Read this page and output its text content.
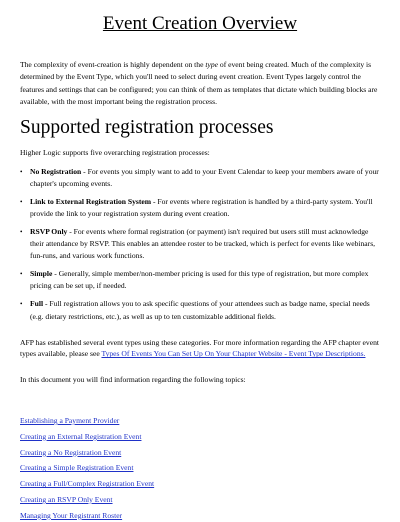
Event Creation Overview

The complexity of event-creation is highly dependent on the type of event being created. Much of the complexity is determined by the Event Type, which you'll need to select during event creation. Event Types largely control the features and settings that can be configured; you can think of them as templates that dictate which building blocks are available, with the most important being the registration process.

Supported registration processes

Higher Logic supports five overarching registration processes:

• No Registration - For events you simply want to add to your Event Calendar to keep your members aware of your chapter's upcoming events.
• Link to External Registration System - For events where registration is handled by a third-party system. You'll provide the link to your registration system during event creation.
• RSVP Only - For events where formal registration (or payment) isn't required but users still must acknowledge their attendance by RSVP. This enables an attendee roster to be tracked, which is perfect for events like webinars, fun-runs, and various work functions.
• Simple - Generally, simple member/non-member pricing is used for this type of registration, but more complex pricing can be set up, if needed.
• Full - Full registration allows you to ask specific questions of your attendees such as badge name, special needs (e.g. dietary restrictions, etc.), as well as up to ten customizable additional fields.

AFP has established several event types using these categories. For more information regarding the AFP chapter event types available, please see Types Of Events You Can Set Up On Your Chapter Website - Event Type Descriptions.

In this document you will find information regarding the following topics:

Establishing a Payment Provider
Creating an External Registration Event
Creating a No Registration Event
Creating a Simple Registration Event
Creating a Full/Complex Registration Event
Creating an RSVP Only Event
Managing Your Registrant Roster
